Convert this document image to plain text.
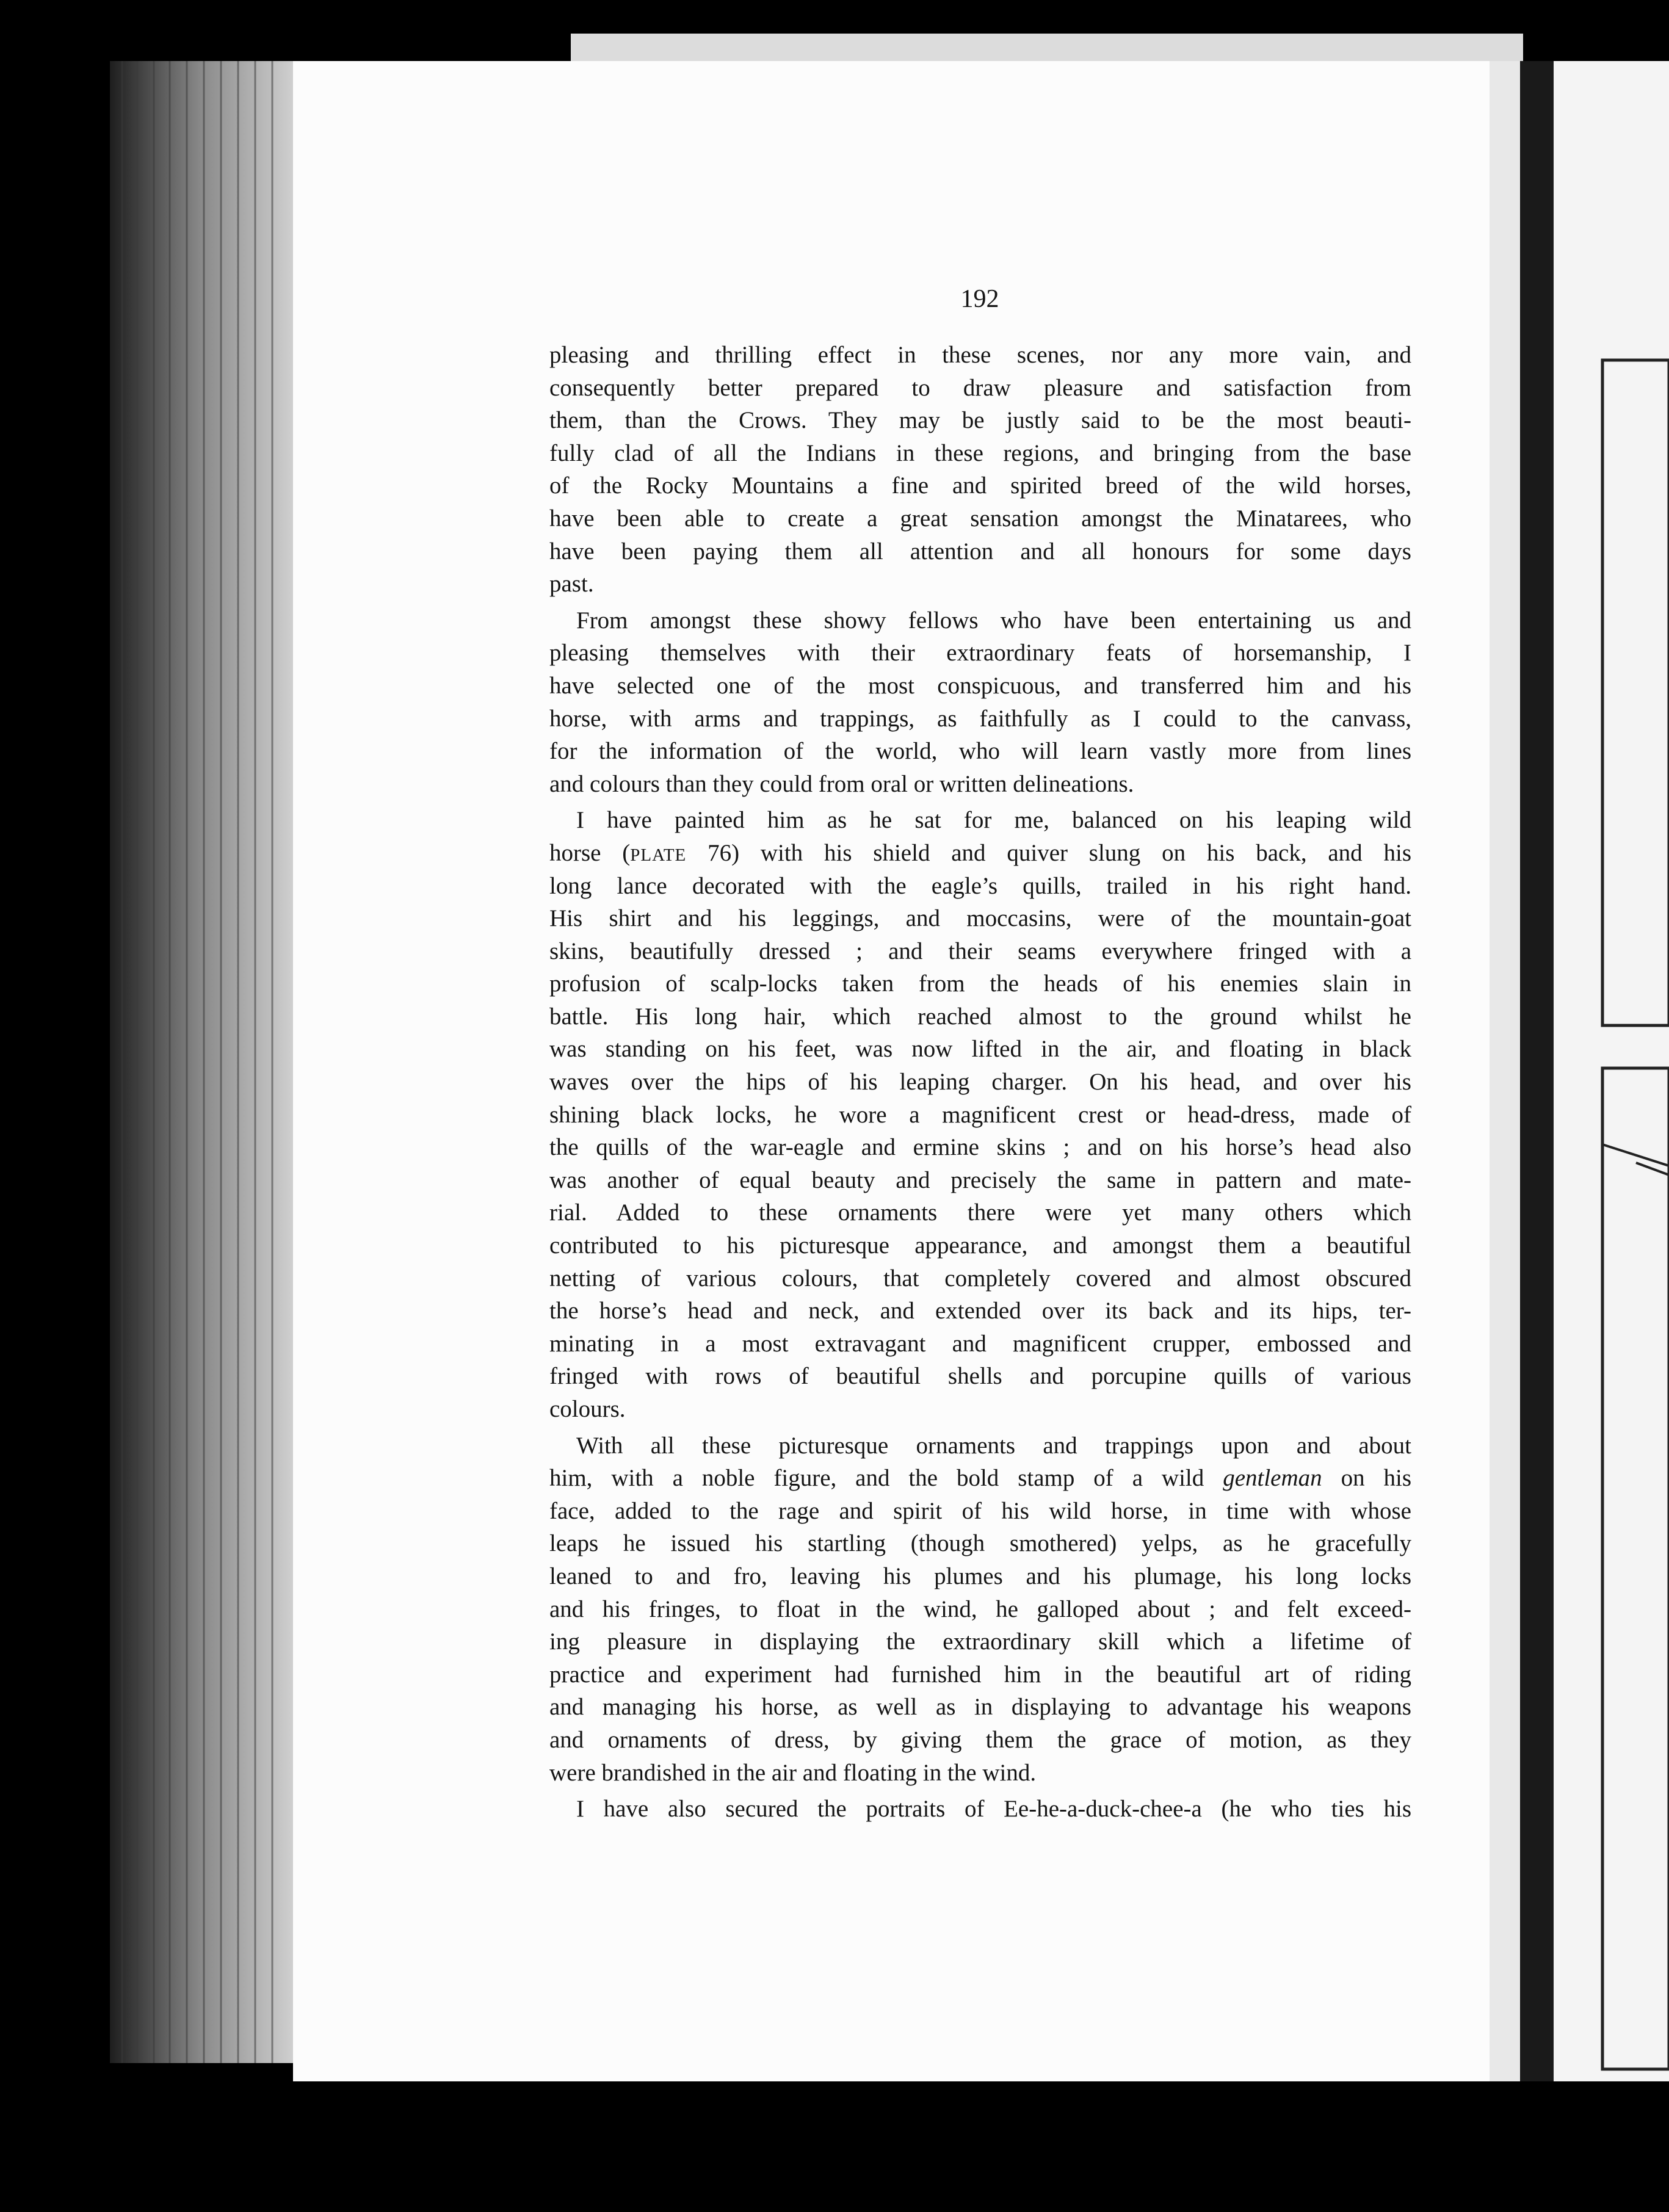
192
pleasing and thrilling effect in these scenes, nor any more vain, and
consequently better prepared to draw pleasure and satisfaction from
them, than the Crows. They may be justly said to be the most beauti-
fully clad of all the Indians in these regions, and bringing from the base
of the Rocky Mountains a fine and spirited breed of the wild horses,
have been able to create a great sensation amongst the Minatarees, who
have been paying them all attention and all honours for some days
past.
From amongst these showy fellows who have been entertaining us and
pleasing themselves with their extraordinary feats of horsemanship, I
have selected one of the most conspicuous, and transferred him and his
horse, with arms and trappings, as faithfully as I could to the canvass,
for the information of the world, who will learn vastly more from lines
and colours than they could from oral or written delineations.
I have painted him as he sat for me, balanced on his leaping wild
horse (PLATE 76) with his shield and quiver slung on his back, and his
long lance decorated with the eagle’s quills, trailed in his right hand.
His shirt and his leggings, and moccasins, were of the mountain-goat
skins, beautifully dressed ; and their seams everywhere fringed with a
profusion of scalp-locks taken from the heads of his enemies slain in
battle. His long hair, which reached almost to the ground whilst he
was standing on his feet, was now lifted in the air, and floating in black
waves over the hips of his leaping charger. On his head, and over his
shining black locks, he wore a magnificent crest or head-dress, made of
the quills of the war-eagle and ermine skins ; and on his horse’s head also
was another of equal beauty and precisely the same in pattern and mate-
rial. Added to these ornaments there were yet many others which
contributed to his picturesque appearance, and amongst them a beautiful
netting of various colours, that completely covered and almost obscured
the horse’s head and neck, and extended over its back and its hips, ter-
minating in a most extravagant and magnificent crupper, embossed and
fringed with rows of beautiful shells and porcupine quills of various
colours.
With all these picturesque ornaments and trappings upon and about
him, with a noble figure, and the bold stamp of a wild gentleman on his
face, added to the rage and spirit of his wild horse, in time with whose
leaps he issued his startling (though smothered) yelps, as he gracefully
leaned to and fro, leaving his plumes and his plumage, his long locks
and his fringes, to float in the wind, he galloped about ; and felt exceed-
ing pleasure in displaying the extraordinary skill which a lifetime of
practice and experiment had furnished him in the beautiful art of riding
and managing his horse, as well as in displaying to advantage his weapons
and ornaments of dress, by giving them the grace of motion, as they
were brandished in the air and floating in the wind.
I have also secured the portraits of Ee-he-a-duck-chee-a (he who ties his
